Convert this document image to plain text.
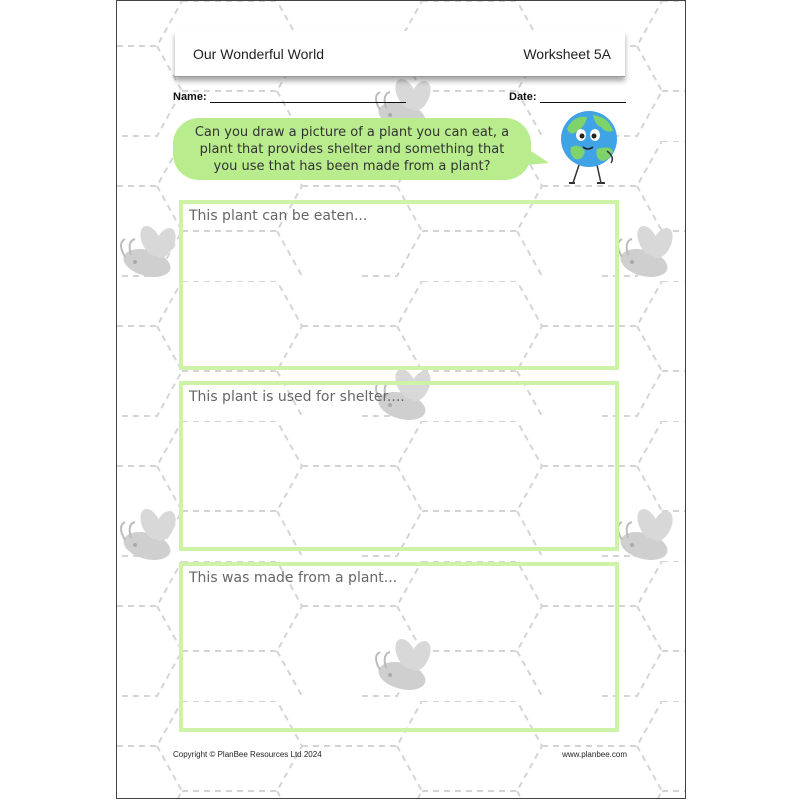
Our Wonderful World	Worksheet 5A
Name:	Date:
Can you draw a picture of a plant you can eat, a plant that provides shelter and something that you use that has been made from a plant?
This plant can be eaten...
This plant is used for shelter....
This was made from a plant...
Copyright © PlanBee Resources Ltd 2024	www.planbee.com
